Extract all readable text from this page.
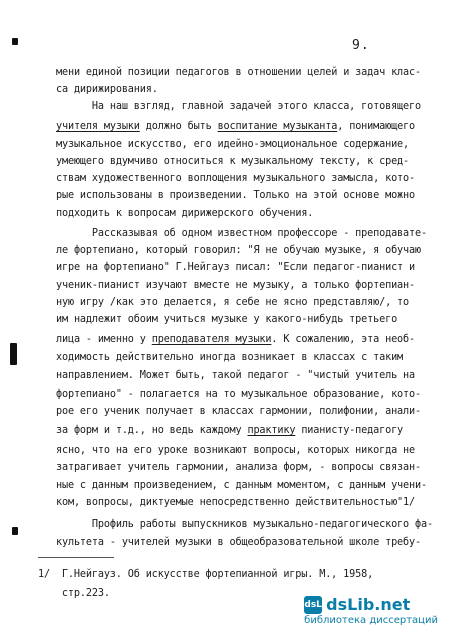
9.
мени единой позиции педагогов в отношении целей и задач клас-
са дирижирования.
На наш взгляд, главной задачей этого класса, готовящего
учителя музыки должно быть воспитание музыканта, понимающего
музыкальное искусство, его идейно-эмоциональное содержание,
умеющего вдумчиво относиться к музыкальному тексту, к сред-
ствам художественного воплощения музыкального замысла, кото-
рые использованы в произведении. Только на этой основе можно
подходить к вопросам дирижерского обучения.
Рассказывая об одном известном профессоре - преподавате-
ле фортепиано, который говорил: "Я не обучаю музыке, я обучаю
игре на фортепиано" Г.Нейгауз писал: "Если педагог-пианист и
ученик-пианист изучают вместе не музыку, а только фортепиан-
ную игру /как это делается, я себе не ясно представляю/, то
им надлежит обоим учиться музыке у какого-нибудь третьего
лица - именно у преподавателя музыки. К сожалению, эта необ-
ходимость действительно иногда возникает в классах с таким
направлением. Может быть, такой педагог - "чистый учитель на
фортепиано" - полагается на то музыкальное образование, кото-
рое его ученик получает в классах гармонии, полифонии, анали-
за форм и т.д., но ведь каждому практику пианисту-педагогу
ясно, что на его уроке возникают вопросы, которых никогда не
затрагивает учитель гармонии, анализа форм, - вопросы связан-
ные с данным произведением, с данным моментом, с данным учени-
ком, вопросы, диктуемые непосредственно действительностью"1/
Профиль работы выпускников музыкально-педагогического фа-
культета - учителей музыки в общеобразовательной школе требу-
1/  Г.Нейгауз. Об искусстве фортепианной игры. М., 1958,
стр.223.
dsL dsLib.net
библиотека диссертаций
